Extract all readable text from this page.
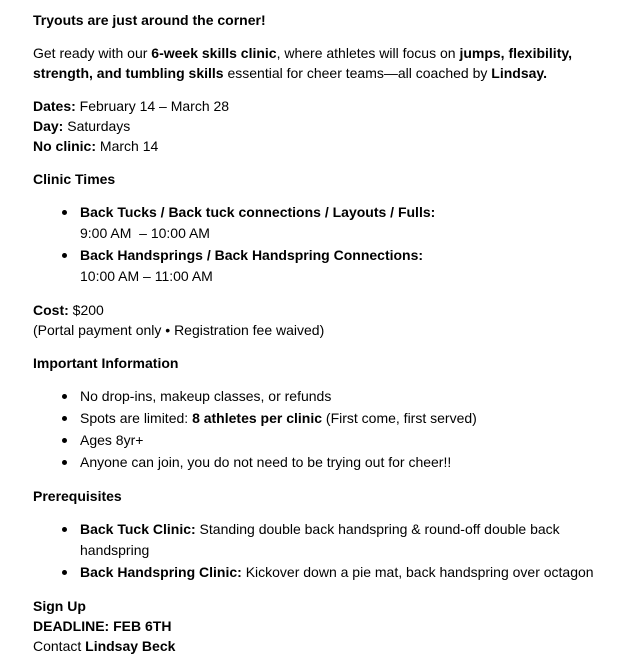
Tryouts are just around the corner!
Get ready with our 6-week skills clinic, where athletes will focus on jumps, flexibility, strength, and tumbling skills essential for cheer teams—all coached by Lindsay.
Dates: February 14 – March 28
Day: Saturdays
No clinic: March 14
Clinic Times
Back Tucks / Back tuck connections / Layouts / Fulls:
9:00 AM  – 10:00 AM
Back Handsprings / Back Handspring Connections:
10:00 AM – 11:00 AM
Cost: $200
(Portal payment only • Registration fee waived)
Important Information
No drop-ins, makeup classes, or refunds
Spots are limited: 8 athletes per clinic (First come, first served)
Ages 8yr+
Anyone can join, you do not need to be trying out for cheer!!
Prerequisites
Back Tuck Clinic: Standing double back handspring & round-off double back handspring
Back Handspring Clinic: Kickover down a pie mat, back handspring over octagon
Sign Up
DEADLINE: FEB 6TH
Contact Lindsay Beck
